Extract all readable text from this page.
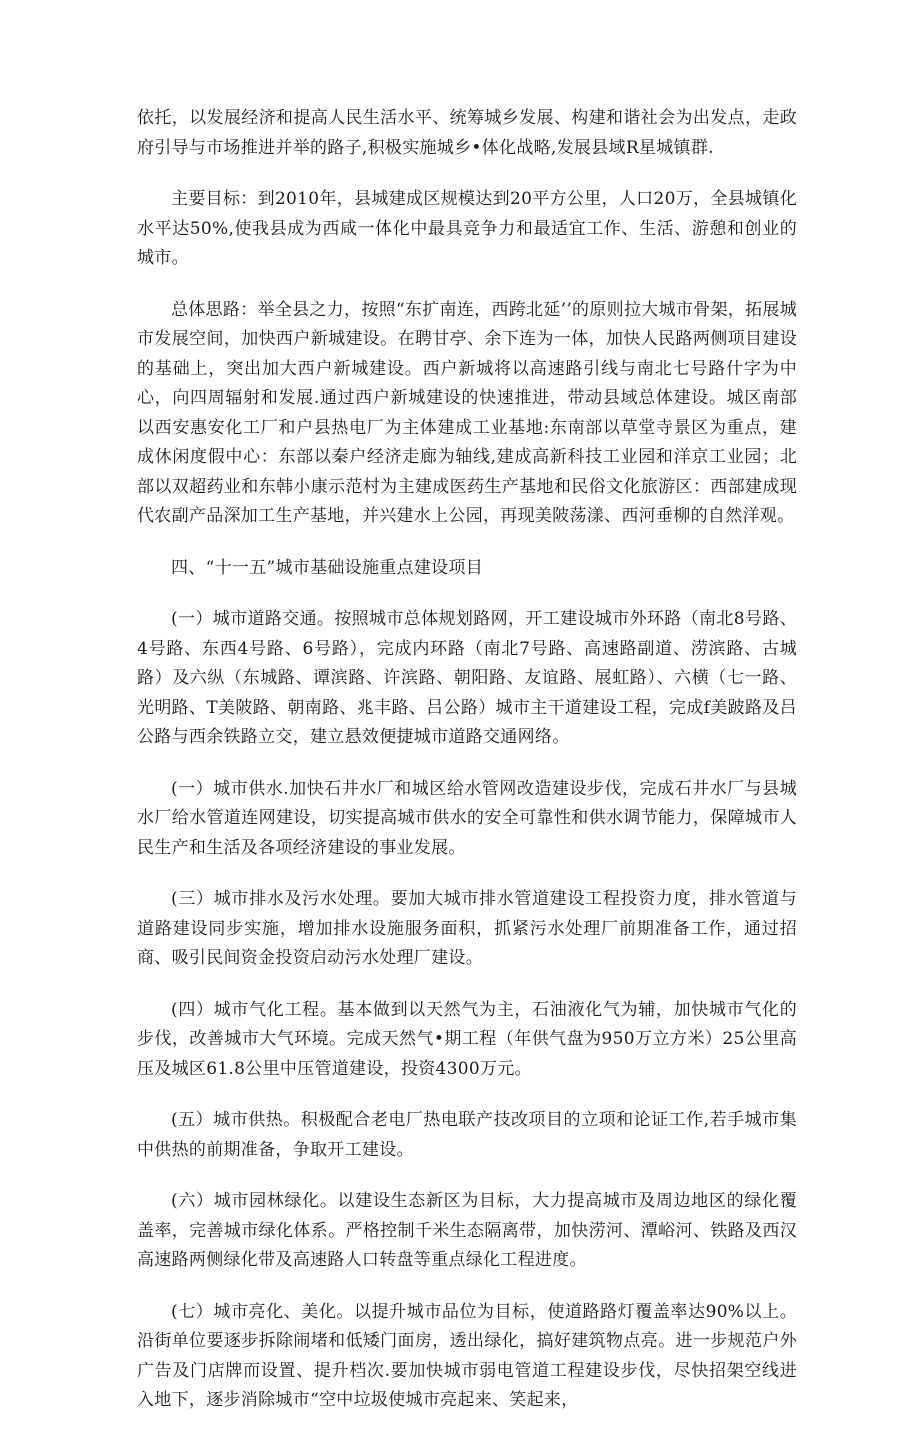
依托，以发展经济和提高人民生活水平、统筹城乡发展、构建和谐社会为出发点，走政府引导与市场推进并举的路子,积极实施城乡•体化战略,发展县域R星城镇群.

主要目标：到2010年，县城建成区规模达到20平方公里，人口20万，全县城镇化水平达50%,使我县成为西咸一体化中最具竞争力和最适宜工作、生活、游憩和创业的城市。

总体思路：举全县之力，按照“东扩南连，西跨北延’’的原则拉大城市骨架，拓展城市发展空间，加快西户新城建设。在聘甘亭、余下连为一体，加快人民路两侧项目建设的基础上，突出加大西户新城建设。西户新城将以高速路引线与南北七号路什字为中心，向四周辐射和发展.通过西户新城建设的快速推进，带动县域总体建设。城区南部以西安惠安化工厂和户县热电厂为主体建成工业基地:东南部以草堂寺景区为重点，建成休闲度假中心：东部以秦户经济走廊为轴线,建成高新科技工业园和洋京工业园；北部以双超药业和东韩小康示范村为主建成医药生产基地和民俗文化旅游区：西部建成现代农副产品深加工生产基地，并兴建水上公园，再现美陂荡漾、西河垂柳的自然洋观。

四、“十一五”城市基础设施重点建设项目

(一）城市道路交通。按照城市总体规划路网，开工建设城市外环路（南北8号路、4号路、东西4号路、6号路），完成内环路（南北7号路、高速路副道、涝滨路、古城路）及六纵（东城路、谭滨路、许滨路、朝阳路、友谊路、展虹路）、六横（七一路、光明路、T美陂路、朝南路、兆丰路、吕公路）城市主干道建设工程，完成f美跛路及吕公路与西余铁路立交，建立悬效便捷城市道路交通网络。

(一）城市供水.加快石井水厂和城区给水管网改造建设步伐，完成石井水厂与县城水厂给水管道连网建设，切实提高城市供水的安全可靠性和供水调节能力，保障城市人民生产和生活及各项经济建设的事业发展。

(三）城市排水及污水处理。要加大城市排水管道建设工程投资力度，排水管道与道路建设同步实施，增加排水设施服务面积，抓紧污水处理厂前期准备工作，通过招商、吸引民间资金投资启动污水处理厂建设。

(四）城市气化工程。基本做到以天然气为主，石油液化气为辅，加快城市气化的步伐，改善城市大气环境。完成天然气•期工程（年供气盘为950万立方米）25公里高压及城区61.8公里中压管道建设，投资4300万元。

(五）城市供热。积极配合老电厂热电联产技改项目的立项和论证工作,若手城市集中供热的前期准备，争取开工建设。

(六）城市园林绿化。以建设生态新区为目标，大力提高城市及周边地区的绿化覆盖率，完善城市绿化体系。严格控制千米生态隔离带，加快涝河、潭峪河、铁路及西汉高速路两侧绿化带及高速路人口转盘等重点绿化工程进度。

(七）城市亮化、美化。以提升城市品位为目标，使道路路灯覆盖率达90%以上。沿街单位要逐步拆除闹堵和低矮门面房，透出绿化，搞好建筑物点亮。进一步规范户外广告及门店牌而设置、提升档次.要加快城市弱电管道工程建设步伐，尽快招架空线进入地下，逐步消除城市“空中垃圾使城市亮起来、笑起来，
